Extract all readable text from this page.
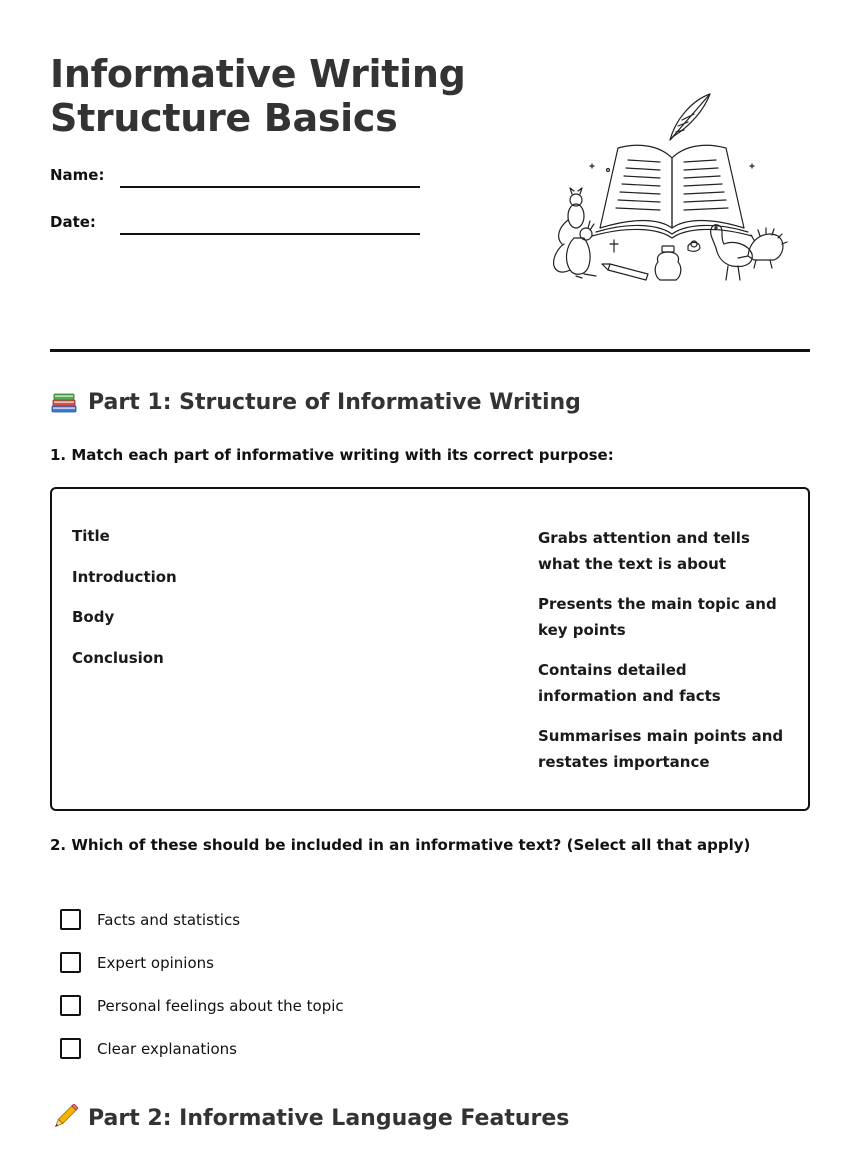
Informative Writing
Structure Basics
Name:
Date:
Part 1: Structure of Informative Writing
1. Match each part of informative writing with its correct purpose:
Title
Introduction
Body
Conclusion
Grabs attention and tells what the text is about
Presents the main topic and key points
Contains detailed information and facts
Summarises main points and restates importance
2. Which of these should be included in an informative text? (Select all that apply)
Facts and statistics
Expert opinions
Personal feelings about the topic
Clear explanations
Part 2: Informative Language Features
